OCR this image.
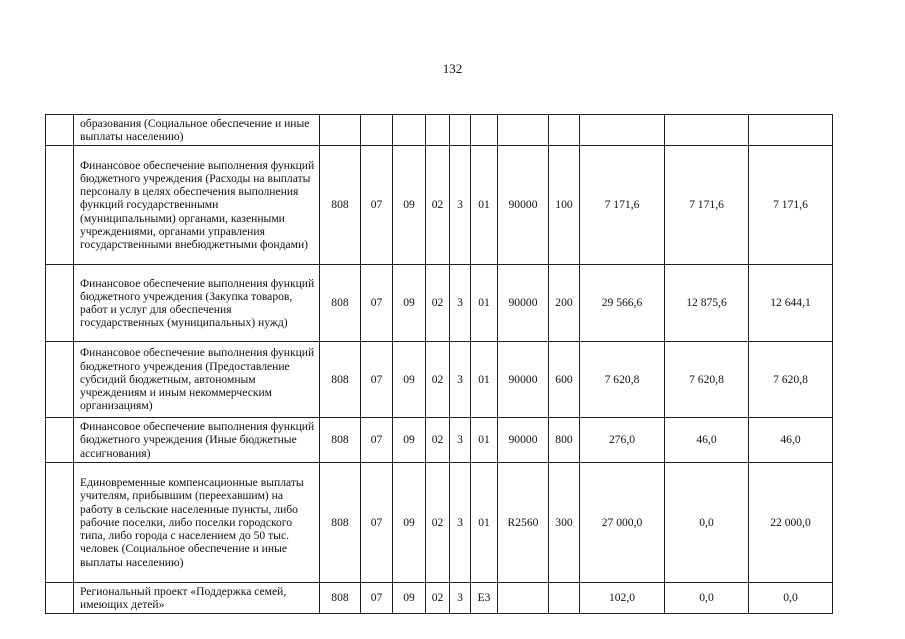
132
	образования (Социальное обеспечение и иные выплаты населению)											
	Финансовое обеспечение выполнения функций бюджетного учреждения (Расходы на выплаты персоналу в целях обеспечения выполнения функций государственными (муниципальными) органами, казенными учреждениями, органами управления государственными внебюджетными фондами)	808	07	09	02	3	01	90000	100	7 171,6	7 171,6	7 171,6
	Финансовое обеспечение выполнения функций бюджетного учреждения (Закупка товаров, работ и услуг для обеспечения государственных (муниципальных) нужд)	808	07	09	02	3	01	90000	200	29 566,6	12 875,6	12 644,1
	Финансовое обеспечение выполнения функций бюджетного учреждения (Предоставление субсидий бюджетным, автономным учреждениям и иным некоммерческим организациям)	808	07	09	02	3	01	90000	600	7 620,8	7 620,8	7 620,8
	Финансовое обеспечение выполнения функций бюджетного учреждения (Иные бюджетные ассигнования)	808	07	09	02	3	01	90000	800	276,0	46,0	46,0
	Единовременные компенсационные выплаты учителям, прибывшим (переехавшим) на работу в сельские населенные пункты, либо рабочие поселки, либо поселки городского типа, либо города с населением до 50 тыс. человек (Социальное обеспечение и иные выплаты населению)	808	07	09	02	3	01	R2560	300	27 000,0	0,0	22 000,0
	Региональный проект «Поддержка семей, имеющих детей»	808	07	09	02	3	E3			102,0	0,0	0,0
